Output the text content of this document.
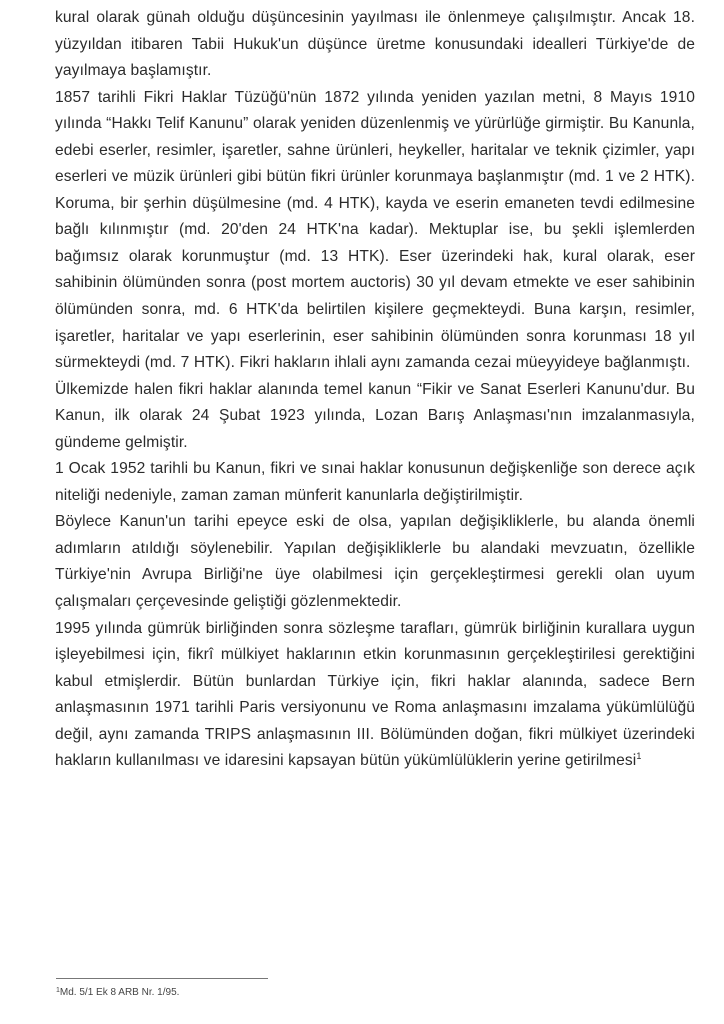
kural olarak günah olduğu düşüncesinin yayılması ile önlenmeye çalışılmıştır. Ancak 18. yüzyıldan itibaren Tabii Hukuk'un düşünce üretme konusundaki idealleri Türkiye'de de yayılmaya başlamıştır.

1857 tarihli Fikri Haklar Tüzüğü'nün 1872 yılında yeniden yazılan metni, 8 Mayıs 1910 yılında “Hakkı Telif Kanunu” olarak yeniden düzenlenmiş ve yürürlüğe girmiştir. Bu Kanunla, edebi eserler, resimler, işaretler, sahne ürünleri, heykeller, haritalar ve teknik çizimler, yapı eserleri ve müzik ürünleri gibi bütün fikri ürünler korunmaya başlanmıştır (md. 1 ve 2 HTK). Koruma, bir şerhin düşülmesine (md. 4 HTK), kayda ve eserin emaneten tevdi edilmesine bağlı kılınmıştır (md. 20'den 24 HTK'na kadar). Mektuplar ise, bu şekli işlemlerden bağımsız olarak korunmuştur (md. 13 HTK). Eser üzerindeki hak, kural olarak, eser sahibinin ölümünden sonra (post mortem auctoris) 30 yıl devam etmekte ve eser sahibinin ölümünden sonra, md. 6 HTK'da belirtilen kişilere geçmekteydi. Buna karşın, resimler, işaretler, haritalar ve yapı eserlerinin, eser sahibinin ölümünden sonra korunması 18 yıl sürmekteydi (md. 7 HTK). Fikri hakların ihlali aynı zamanda cezai müeyyideye bağlanmıştı.

Ülkemizde halen fikri haklar alanında temel kanun “Fikir ve Sanat Eserleri Kanunu'dur. Bu Kanun, ilk olarak 24 Şubat 1923 yılında, Lozan Barış Anlaşması'nın imzalanmasıyla, gündeme gelmiştir.

1 Ocak 1952 tarihli bu Kanun, fikri ve sınai haklar konusunun değişkenliğe son derece açık niteliği nedeniyle, zaman zaman münferit kanunlarla değiştirilmiştir.

Böylece Kanun'un tarihi epeyce eski de olsa, yapılan değişikliklerle, bu alanda önemli adımların atıldığı söylenebilir. Yapılan değişikliklerle bu alandaki mevzuatın, özellikle Türkiye'nin Avrupa Birliği'ne üye olabilmesi için gerçekleştirmesi gerekli olan uyum çalışmaları çerçevesinde geliştiği gözlenmektedir.

1995 yılında gümrük birliğinden sonra sözleşme tarafları, gümrük birliğinin kurallara uygun işleyebilmesi için, fikrî mülkiyet haklarının etkin korunmasının gerçekleştirilesi gerektiğini kabul etmişlerdir. Bütün bunlardan Türkiye için, fikri haklar alanında, sadece Bern anlaşmasının 1971 tarihli Paris versiyonunu ve Roma anlaşmasını imzalama yükümlülüğü değil, aynı zamanda TRIPS anlaşmasının III. Bölümünden doğan, fikri mülkiyet üzerindeki hakların kullanılması ve idaresini kapsayan bütün yükümlülüklerin yerine getirilmesi$^1$

$^1$Md. 5/1 Ek 8 ARB Nr. 1/95.
